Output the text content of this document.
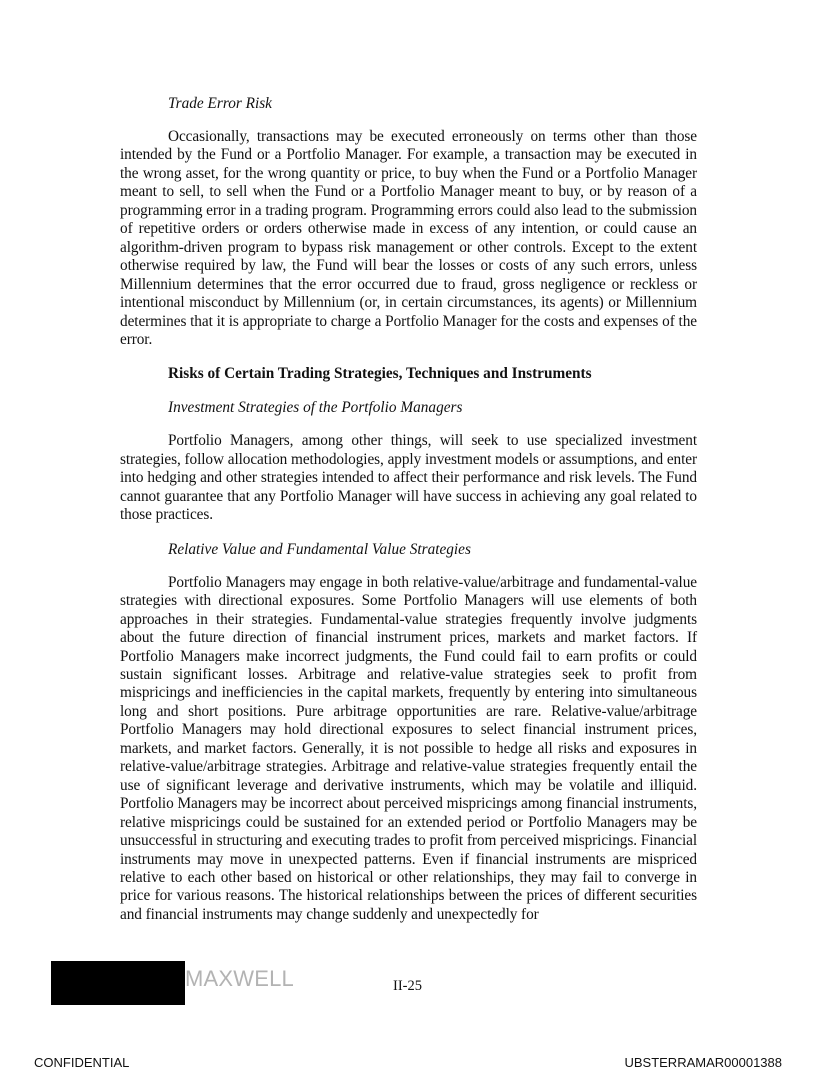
Trade Error Risk

Occasionally, transactions may be executed erroneously on terms other than those intended by the Fund or a Portfolio Manager. For example, a transaction may be executed in the wrong asset, for the wrong quantity or price, to buy when the Fund or a Portfolio Manager meant to sell, to sell when the Fund or a Portfolio Manager meant to buy, or by reason of a programming error in a trading program. Programming errors could also lead to the submission of repetitive orders or orders otherwise made in excess of any intention, or could cause an algorithm-driven program to bypass risk management or other controls. Except to the extent otherwise required by law, the Fund will bear the losses or costs of any such errors, unless Millennium determines that the error occurred due to fraud, gross negligence or reckless or intentional misconduct by Millennium (or, in certain circumstances, its agents) or Millennium determines that it is appropriate to charge a Portfolio Manager for the costs and expenses of the error.

Risks of Certain Trading Strategies, Techniques and Instruments
Investment Strategies of the Portfolio Managers

Portfolio Managers, among other things, will seek to use specialized investment strategies, follow allocation methodologies, apply investment models or assumptions, and enter into hedging and other strategies intended to affect their performance and risk levels. The Fund cannot guarantee that any Portfolio Manager will have success in achieving any goal related to those practices.

Relative Value and Fundamental Value Strategies

Portfolio Managers may engage in both relative-value/arbitrage and fundamental-value strategies with directional exposures. Some Portfolio Managers will use elements of both approaches in their strategies. Fundamental-value strategies frequently involve judgments about the future direction of financial instrument prices, markets and market factors. If Portfolio Managers make incorrect judgments, the Fund could fail to earn profits or could sustain significant losses. Arbitrage and relative-value strategies seek to profit from mispricings and inefficiencies in the capital markets, frequently by entering into simultaneous long and short positions. Pure arbitrage opportunities are rare. Relative-value/arbitrage Portfolio Managers may hold directional exposures to select financial instrument prices, markets, and market factors. Generally, it is not possible to hedge all risks and exposures in relative-value/arbitrage strategies. Arbitrage and relative-value strategies frequently entail the use of significant leverage and derivative instruments, which may be volatile and illiquid. Portfolio Managers may be incorrect about perceived mispricings among financial instruments, relative mispricings could be sustained for an extended period or Portfolio Managers may be unsuccessful in structuring and executing trades to profit from perceived mispricings. Financial instruments may move in unexpected patterns. Even if financial instruments are mispriced relative to each other based on historical or other relationships, they may fail to converge in price for various reasons. The historical relationships between the prices of different securities and financial instruments may change suddenly and unexpectedly for

MAXWELL	II-25
CONFIDENTIAL	UBSTERRAMAR00001388
